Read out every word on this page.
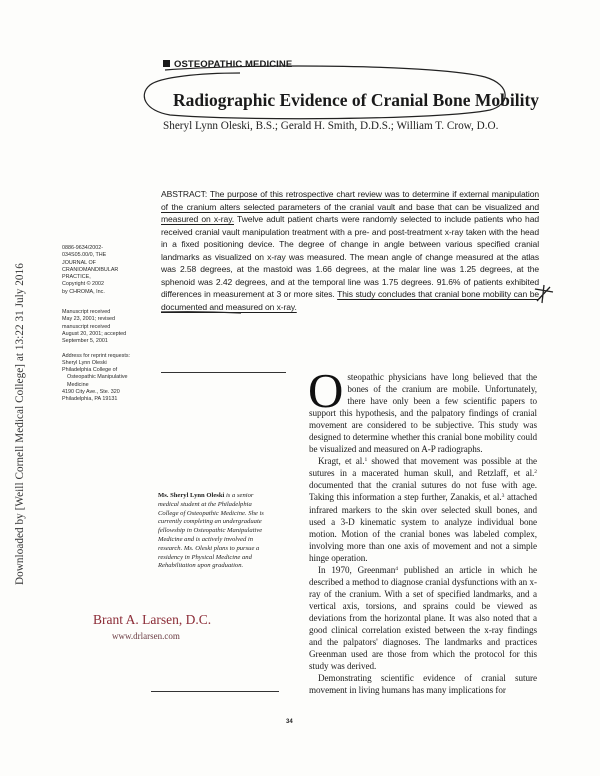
Downloaded by [Weill Cornell Medical College] at 13:22 31 July 2016
OSTEOPATHIC MEDICINE
Radiographic Evidence of Cranial Bone Mobility
Sheryl Lynn Oleski, B.S.; Gerald H. Smith, D.D.S.; William T. Crow, D.O.
ABSTRACT: The purpose of this retrospective chart review was to determine if external manipulation of the cranium alters selected parameters of the cranial vault and base that can be visualized and measured on x-ray. Twelve adult patient charts were randomly selected to include patients who had received cranial vault manipulation treatment with a pre- and post-treatment x-ray taken with the head in a fixed positioning device. The degree of change in angle between various specified cranial landmarks as visualized on x-ray was measured. The mean angle of change measured at the atlas was 2.58 degrees, at the mastoid was 1.66 degrees, at the malar line was 1.25 degrees, at the sphenoid was 2.42 degrees, and at the temporal line was 1.75 degrees. 91.6% of patients exhibited differences in measurement at 3 or more sites. This study concludes that cranial bone mobility can be documented and measured on x-ray.
0886-9634/2002-
034S05.00/0, THE
JOURNAL OF
CRANIOMANDIBULAR
PRACTICE,
Copyright © 2002
by CHROMA, Inc.
Manuscript received
May 23, 2001; revised
manuscript received
August 20, 2001; accepted
September 5, 2001
Address for reprint requests:
Sheryl Lynn Oleski
Philadelphia College of
Osteopathic Manipulative
Medicine
4190 City Ave., Ste. 320
Philadelphia, PA 19131
Ms. Sheryl Lynn Oleski is a senior medical student at the Philadelphia College of Osteopathic Medicine. She is currently completing an undergraduate fellowship in Osteopathic Manipulative Medicine and is actively involved in research. Ms. Oleski plans to pursue a residency in Physical Medicine and Rehabilitation upon graduation.
Brant A. Larsen, D.C.
www.drlarsen.com

Osteopathic physicians have long believed that the bones of the cranium are mobile. Unfortunately, there have only been a few scientific papers to support this hypothesis, and the palpatory findings of cranial movement are considered to be subjective. This study was designed to determine whether this cranial bone mobility could be visualized and measured on A-P radiographs.

Kragt, et al.$^1$ showed that movement was possible at the sutures in a macerated human skull, and Retzlaff, et al.$^2$ documented that the cranial sutures do not fuse with age. Taking this information a step further, Zanakis, et al.$^3$ attached infrared markers to the skin over selected skull bones, and used a 3-D kinematic system to analyze individual bone motion. Motion of the cranial bones was labeled complex, involving more than one axis of movement and not a simple hinge operation.

In 1970, Greenman$^4$ published an article in which he described a method to diagnose cranial dysfunctions with an x-ray of the cranium. With a set of specified landmarks, and a vertical axis, torsions, and sprains could be viewed as deviations from the horizontal plane. It was also noted that a good clinical correlation existed between the x-ray findings and the palpators' diagnoses. The landmarks and practices Greenman used are those from which the protocol for this study was derived.

Demonstrating scientific evidence of cranial suture movement in living humans has many implications for

34
